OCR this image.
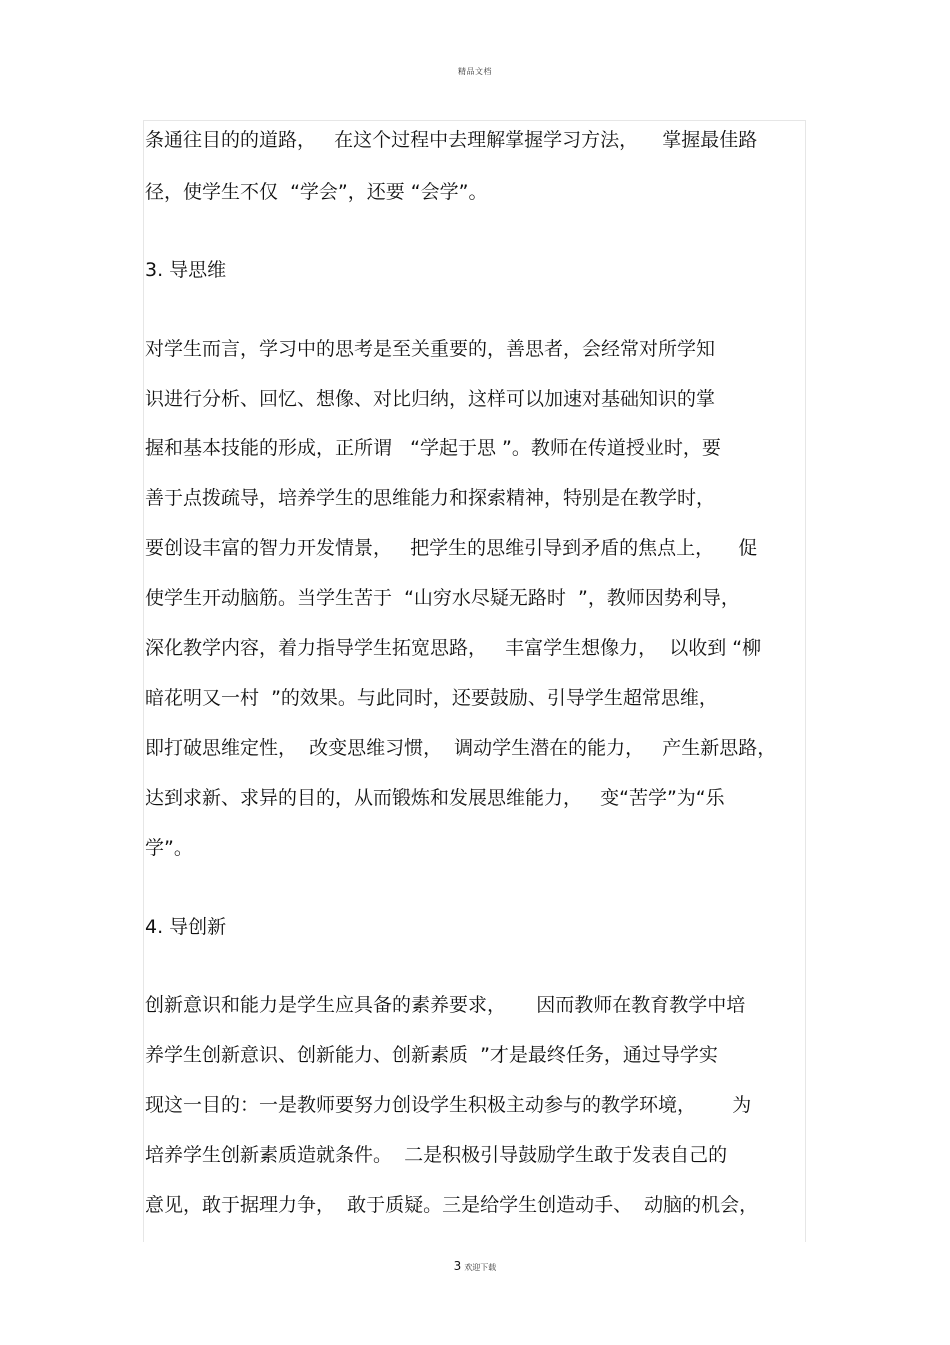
精品文档
条通往目的的道路，   在这个过程中去理解掌握学习方法，    掌握最佳路
径，使学生不仅  “学会”，还要 “会学”。
3. 导思维
对学生而言，学习中的思考是至关重要的，善思者，会经常对所学知
识进行分析、回忆、想像、对比归纳，这样可以加速对基础知识的掌
握和基本技能的形成，正所谓   “学起于思 ”。教师在传道授业时，要
善于点拨疏导，培养学生的思维能力和探索精神，特别是在教学时，
要创设丰富的智力开发情景，   把学生的思维引导到矛盾的焦点上，    促
使学生开动脑筋。当学生苦于  “山穷水尽疑无路时  ”，教师因势利导，
深化教学内容，着力指导学生拓宽思路，   丰富学生想像力，  以收到 “柳
暗花明又一村  ”的效果。与此同时，还要鼓励、引导学生超常思维，
即打破思维定性，  改变思维习惯，  调动学生潜在的能力，   产生新思路，
达到求新、求异的目的，从而锻炼和发展思维能力，   变“苦学”为“乐
学”。
4. 导创新
创新意识和能力是学生应具备的素养要求，     因而教师在教育教学中培
养学生创新意识、创新能力、创新素质  ”才是最终任务，通过导学实
现这一目的：一是教师要努力创设学生积极主动参与的教学环境，      为
培养学生创新素质造就条件。  二是积极引导鼓励学生敢于发表自己的
意见，敢于据理力争，  敢于质疑。三是给学生创造动手、  动脑的机会，
3 欢迎下载
